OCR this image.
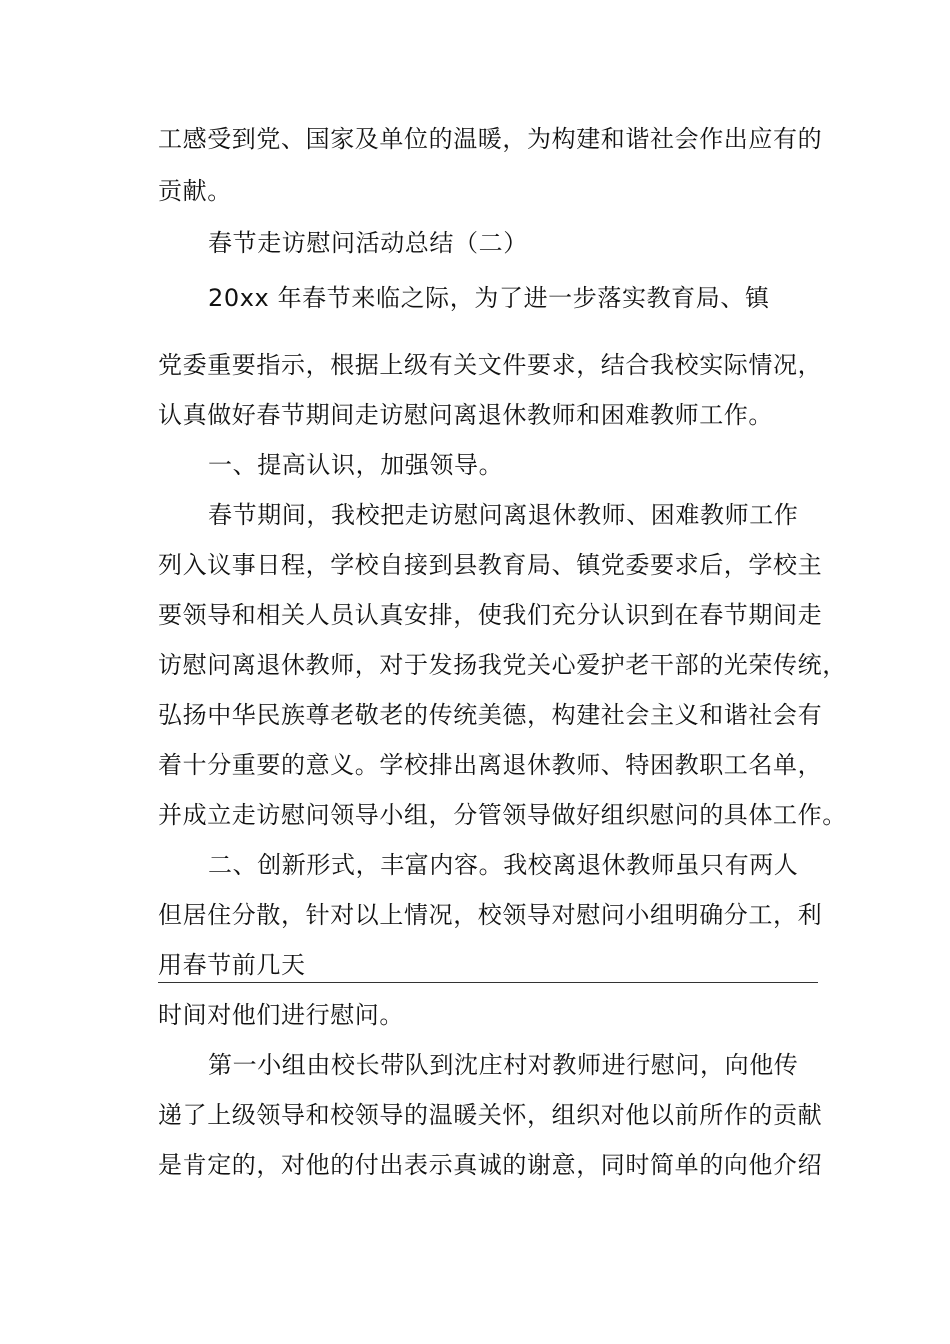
工感受到党、国家及单位的温暖，为构建和谐社会作出应有的
贡献。
春节走访慰问活动总结（二）
20xx 年春节来临之际，为了进一步落实教育局、镇
党委重要指示，根据上级有关文件要求，结合我校实际情况，
认真做好春节期间走访慰问离退休教师和困难教师工作。
一、提高认识，加强领导。
春节期间，我校把走访慰问离退休教师、困难教师工作
列入议事日程，学校自接到县教育局、镇党委要求后，学校主
要领导和相关人员认真安排，使我们充分认识到在春节期间走
访慰问离退休教师，对于发扬我党关心爱护老干部的光荣传统，
弘扬中华民族尊老敬老的传统美德，构建社会主义和谐社会有
着十分重要的意义。学校排出离退休教师、特困教职工名单，
并成立走访慰问领导小组，分管领导做好组织慰问的具体工作。
二、创新形式，丰富内容。我校离退休教师虽只有两人
但居住分散，针对以上情况，校领导对慰问小组明确分工，利
用春节前几天
时间对他们进行慰问。
第一小组由校长带队到沈庄村对教师进行慰问，向他传
递了上级领导和校领导的温暖关怀，组织对他以前所作的贡献
是肯定的，对他的付出表示真诚的谢意，同时简单的向他介绍
